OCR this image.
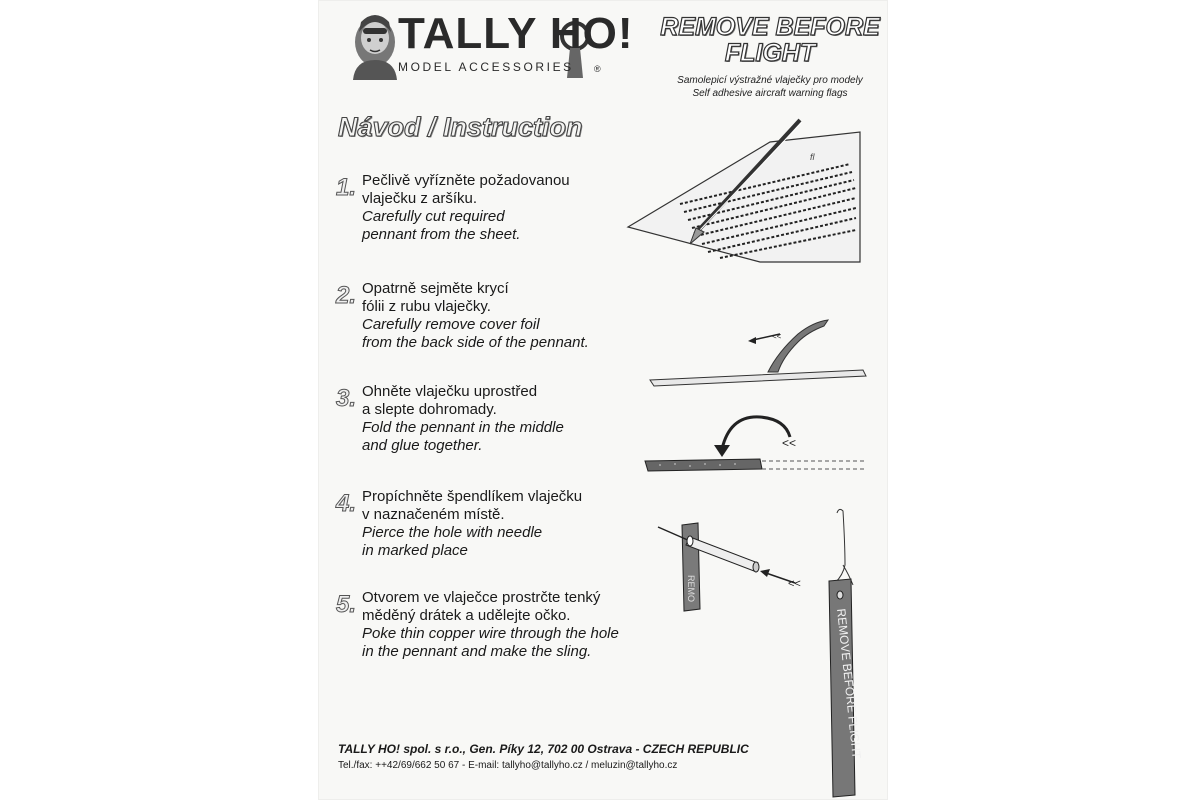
TALLY HO!
MODEL ACCESSORIES ®
REMOVE BEFORE
FLIGHT
Samolepicí výstražné vlaječky pro modely
Self adhesive aircraft warning flags
Návod / Instruction
1. Pečlivě vyřízněte požadovanou
vlaječku z aršíku.
Carefully cut required
pennant from the sheet.
2. Opatrně sejměte krycí
fólii z rubu vlaječky.
Carefully remove cover foil
from the back side of the pennant.
3. Ohněte vlaječku uprostřed
a slepte dohromady.
Fold the pennant in the middle
and glue together.
4. Propíchněte špendlíkem vlaječku
v naznačeném místě.
Pierce the hole with needle
in marked place
5. Otvorem ve vlaječce prostrčte tenký
měděný drátek a udělejte očko.
Poke thin copper wire through the hole
in the pennant and make the sling.
fl
<<
<<
REMO	<<
REMOVE BEFORE FLIGHT
TALLY HO! spol. s r.o., Gen. Píky 12, 702 00 Ostrava - CZECH REPUBLIC
Tel./fax: ++42/69/662 50 67 - E-mail: tallyho@tallyho.cz / meluzin@tallyho.cz
